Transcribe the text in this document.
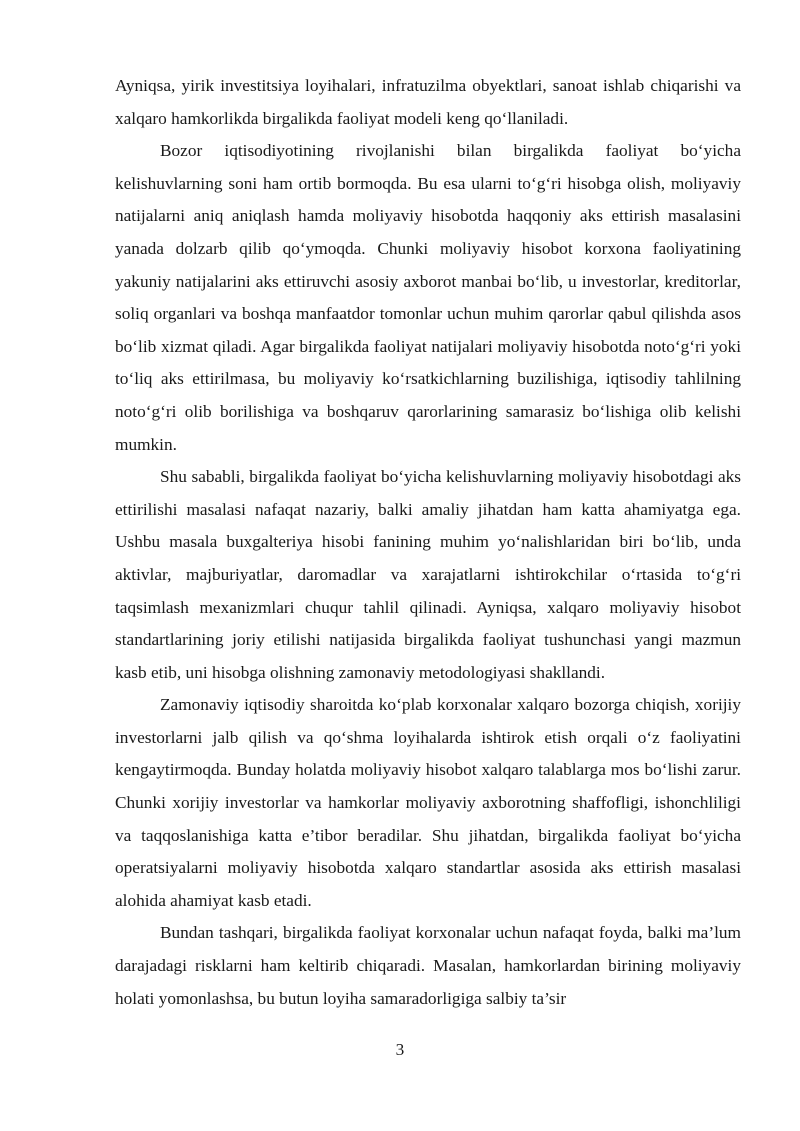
Ayniqsa, yirik investitsiya loyihalari, infratuzilma obyektlari, sanoat ishlab chiqarishi va xalqaro hamkorlikda birgalikda faoliyat modeli keng qo‘llaniladi.

Bozor iqtisodiyotining rivojlanishi bilan birgalikda faoliyat bo‘yicha kelishuvlarning soni ham ortib bormoqda. Bu esa ularni to‘g‘ri hisobga olish, moliyaviy natijalarni aniq aniqlash hamda moliyaviy hisobotda haqqoniy aks ettirish masalasini yanada dolzarb qilib qo‘ymoqda. Chunki moliyaviy hisobot korxona faoliyatining yakuniy natijalarini aks ettiruvchi asosiy axborot manbai bo‘lib, u investorlar, kreditorlar, soliq organlari va boshqa manfaatdor tomonlar uchun muhim qarorlar qabul qilishda asos bo‘lib xizmat qiladi. Agar birgalikda faoliyat natijalari moliyaviy hisobotda noto‘g‘ri yoki to‘liq aks ettirilmasa, bu moliyaviy ko‘rsatkichlarning buzilishiga, iqtisodiy tahlilning noto‘g‘ri olib borilishiga va boshqaruv qarorlarining samarasiz bo‘lishiga olib kelishi mumkin.

Shu sababli, birgalikda faoliyat bo‘yicha kelishuvlarning moliyaviy hisobotdagi aks ettirilishi masalasi nafaqat nazariy, balki amaliy jihatdan ham katta ahamiyatga ega. Ushbu masala buxgalteriya hisobi fanining muhim yo‘nalishlaridan biri bo‘lib, unda aktivlar, majburiyatlar, daromadlar va xarajatlarni ishtirokchilar o‘rtasida to‘g‘ri taqsimlash mexanizmlari chuqur tahlil qilinadi. Ayniqsa, xalqaro moliyaviy hisobot standartlarining joriy etilishi natijasida birgalikda faoliyat tushunchasi yangi mazmun kasb etib, uni hisobga olishning zamonaviy metodologiyasi shakllandi.

Zamonaviy iqtisodiy sharoitda ko‘plab korxonalar xalqaro bozorga chiqish, xorijiy investorlarni jalb qilish va qo‘shma loyihalarda ishtirok etish orqali o‘z faoliyatini kengaytirmoqda. Bunday holatda moliyaviy hisobot xalqaro talablarga mos bo‘lishi zarur. Chunki xorijiy investorlar va hamkorlar moliyaviy axborotning shaffofligi, ishonchliligi va taqqoslanishiga katta e’tibor beradilar. Shu jihatdan, birgalikda faoliyat bo‘yicha operatsiyalarni moliyaviy hisobotda xalqaro standartlar asosida aks ettirish masalasi alohida ahamiyat kasb etadi.

Bundan tashqari, birgalikda faoliyat korxonalar uchun nafaqat foyda, balki ma’lum darajadagi risklarni ham keltirib chiqaradi. Masalan, hamkorlardan birining moliyaviy holati yomonlashsa, bu butun loyiha samaradorligiga salbiy ta’sir

3
